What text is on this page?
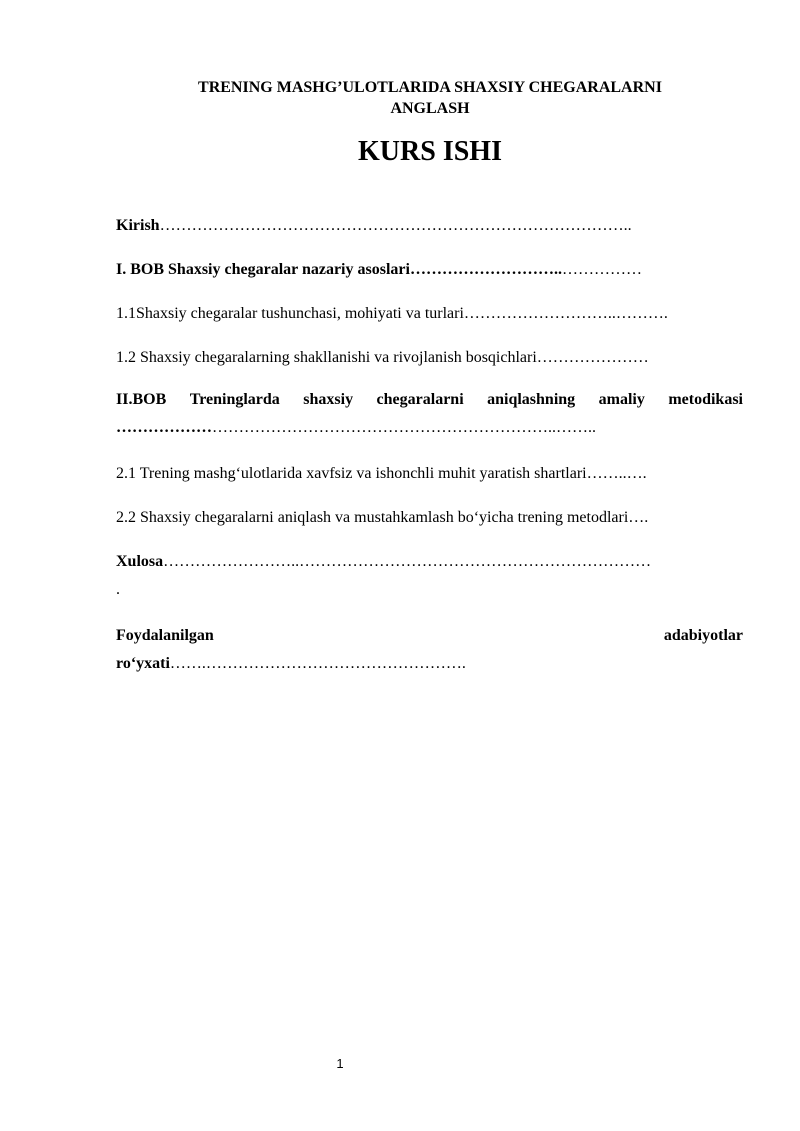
TRENING MASHG’ULOTLARIDA SHAXSIY CHEGARALARNI
ANGLASH
KURS ISHI
Kirish……………………………………………………………………………..
I. BOB Shaxsiy chegaralar nazariy asoslari………………………..……………
1.1Shaxsiy chegaralar tushunchasi, mohiyati va turlari………………………..……….
1.2 Shaxsiy chegaralarning shakllanishi va rivojlanish bosqichlari…………………
II.BOB Treninglarda shaxsiy chegaralarni aniqlashning amaliy metodikasi
………………………………………………………………………..……..
2.1 Trening mashg‘ulotlarida xavfsiz va ishonchli muhit yaratish shartlari……..….
2.2 Shaxsiy chegaralarni aniqlash va mustahkamlash bo‘yicha trening metodlari….
Xulosa……………………..…………………………………………………………
.
Foydalanilgan	adabiyotlar
ro‘yxati…….………………………………………….
1
